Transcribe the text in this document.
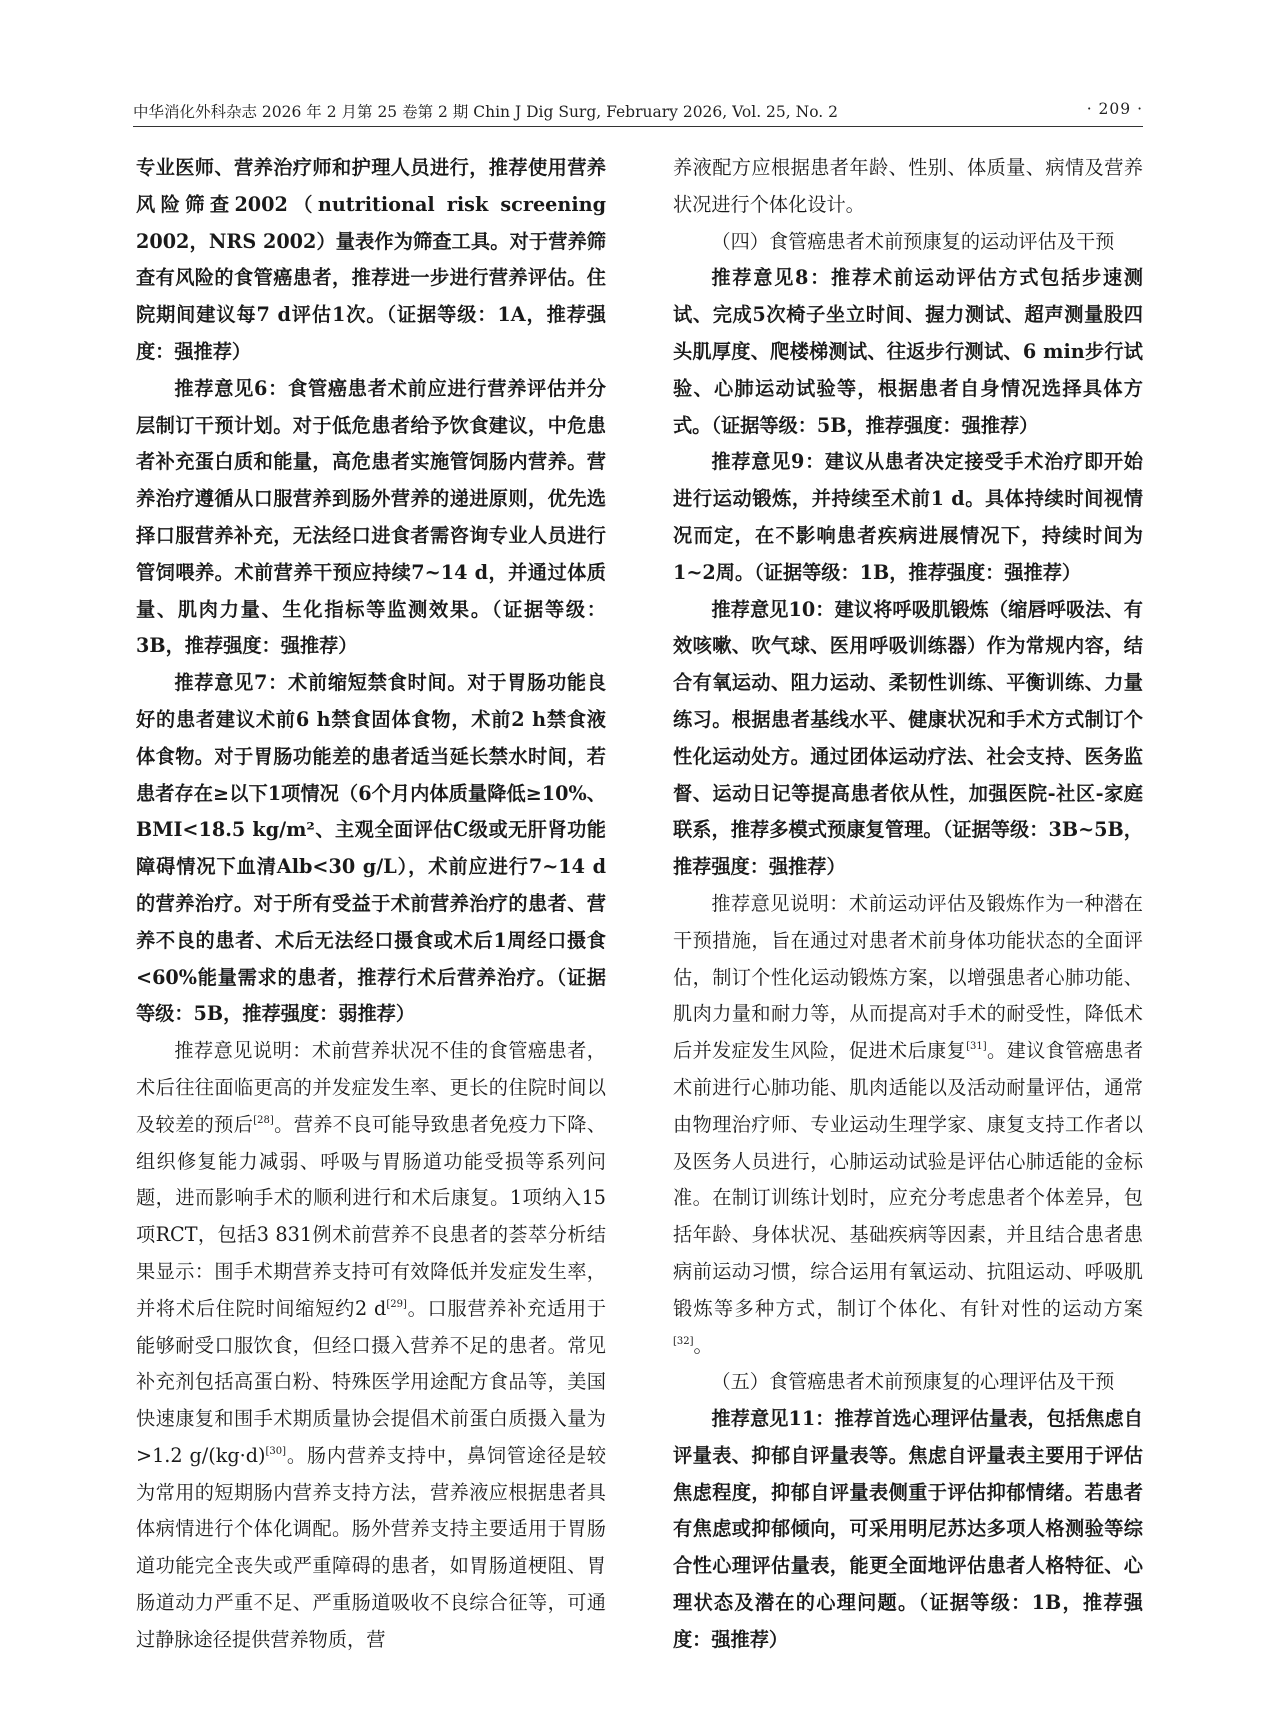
中华消化外科杂志 2026 年 2 月第 25 卷第 2 期 Chin J Dig Surg, February 2026, Vol. 25, No. 2	· 209 ·

专业医师、营养治疗师和护理人员进行，推荐使用营养风险筛查2002（nutritional risk screening 2002，NRS 2002）量表作为筛查工具。对于营养筛查有风险的食管癌患者，推荐进一步进行营养评估。住院期间建议每7 d评估1次。（证据等级：1A，推荐强度：强推荐）

推荐意见6：食管癌患者术前应进行营养评估并分层制订干预计划。对于低危患者给予饮食建议，中危患者补充蛋白质和能量，高危患者实施管饲肠内营养。营养治疗遵循从口服营养到肠外营养的递进原则，优先选择口服营养补充，无法经口进食者需咨询专业人员进行管饲喂养。术前营养干预应持续7~14 d，并通过体质量、肌肉力量、生化指标等监测效果。（证据等级：3B，推荐强度：强推荐）

推荐意见7：术前缩短禁食时间。对于胃肠功能良好的患者建议术前6 h禁食固体食物，术前2 h禁食液体食物。对于胃肠功能差的患者适当延长禁水时间，若患者存在≥以下1项情况（6个月内体质量降低≥10%、BMI<18.5 kg/m²、主观全面评估C级或无肝肾功能障碍情况下血清Alb<30 g/L），术前应进行7~14 d的营养治疗。对于所有受益于术前营养治疗的患者、营养不良的患者、术后无法经口摄食或术后1周经口摄食<60%能量需求的患者，推荐行术后营养治疗。（证据等级：5B，推荐强度：弱推荐）

推荐意见说明：术前营养状况不佳的食管癌患者，术后往往面临更高的并发症发生率、更长的住院时间以及较差的预后[28]。营养不良可能导致患者免疫力下降、组织修复能力减弱、呼吸与胃肠道功能受损等系列问题，进而影响手术的顺利进行和术后康复。1项纳入15项RCT，包括3 831例术前营养不良患者的荟萃分析结果显示：围手术期营养支持可有效降低并发症发生率，并将术后住院时间缩短约2 d[29]。口服营养补充适用于能够耐受口服饮食，但经口摄入营养不足的患者。常见补充剂包括高蛋白粉、特殊医学用途配方食品等，美国快速康复和围手术期质量协会提倡术前蛋白质摄入量为>1.2 g/(kg·d)[30]。肠内营养支持中，鼻饲管途径是较为常用的短期肠内营养支持方法，营养液应根据患者具体病情进行个体化调配。肠外营养支持主要适用于胃肠道功能完全丧失或严重障碍的患者，如胃肠道梗阻、胃肠道动力严重不足、严重肠道吸收不良综合征等，可通过静脉途径提供营养物质，营

养液配方应根据患者年龄、性别、体质量、病情及营养状况进行个体化设计。

（四）食管癌患者术前预康复的运动评估及干预

推荐意见8：推荐术前运动评估方式包括步速测试、完成5次椅子坐立时间、握力测试、超声测量股四头肌厚度、爬楼梯测试、往返步行测试、6 min步行试验、心肺运动试验等，根据患者自身情况选择具体方式。（证据等级：5B，推荐强度：强推荐）

推荐意见9：建议从患者决定接受手术治疗即开始进行运动锻炼，并持续至术前1 d。具体持续时间视情况而定，在不影响患者疾病进展情况下，持续时间为1~2周。（证据等级：1B，推荐强度：强推荐）

推荐意见10：建议将呼吸肌锻炼（缩唇呼吸法、有效咳嗽、吹气球、医用呼吸训练器）作为常规内容，结合有氧运动、阻力运动、柔韧性训练、平衡训练、力量练习。根据患者基线水平、健康状况和手术方式制订个性化运动处方。通过团体运动疗法、社会支持、医务监督、运动日记等提高患者依从性，加强医院-社区-家庭联系，推荐多模式预康复管理。（证据等级：3B~5B，推荐强度：强推荐）

推荐意见说明：术前运动评估及锻炼作为一种潜在干预措施，旨在通过对患者术前身体功能状态的全面评估，制订个性化运动锻炼方案，以增强患者心肺功能、肌肉力量和耐力等，从而提高对手术的耐受性，降低术后并发症发生风险，促进术后康复[31]。建议食管癌患者术前进行心肺功能、肌肉适能以及活动耐量评估，通常由物理治疗师、专业运动生理学家、康复支持工作者以及医务人员进行，心肺运动试验是评估心肺适能的金标准。在制订训练计划时，应充分考虑患者个体差异，包括年龄、身体状况、基础疾病等因素，并且结合患者患病前运动习惯，综合运用有氧运动、抗阻运动、呼吸肌锻炼等多种方式，制订个体化、有针对性的运动方案[32]。

（五）食管癌患者术前预康复的心理评估及干预

推荐意见11：推荐首选心理评估量表，包括焦虑自评量表、抑郁自评量表等。焦虑自评量表主要用于评估焦虑程度，抑郁自评量表侧重于评估抑郁情绪。若患者有焦虑或抑郁倾向，可采用明尼苏达多项人格测验等综合性心理评估量表，能更全面地评估患者人格特征、心理状态及潜在的心理问题。（证据等级：1B，推荐强度：强推荐）
